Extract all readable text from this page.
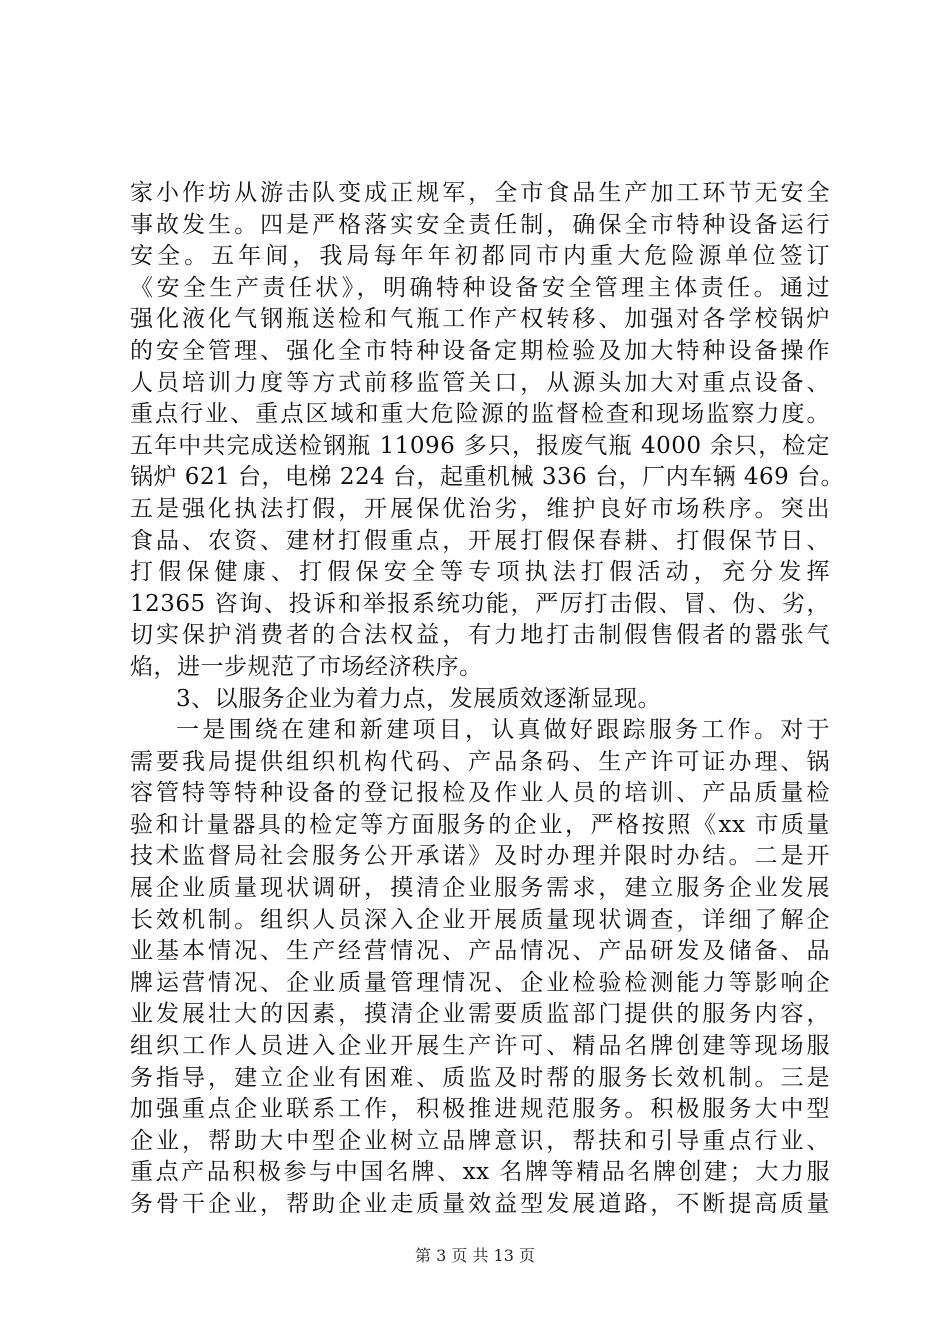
家小作坊从游击队变成正规军，全市食品生产加工环节无安全
事故发生。四是严格落实安全责任制，确保全市特种设备运行
安全。五年间，我局每年年初都同市内重大危险源单位签订
《安全生产责任状》，明确特种设备安全管理主体责任。通过
强化液化气钢瓶送检和气瓶工作产权转移、加强对各学校锅炉
的安全管理、强化全市特种设备定期检验及加大特种设备操作
人员培训力度等方式前移监管关口，从源头加大对重点设备、
重点行业、重点区域和重大危险源的监督检查和现场监察力度。
五年中共完成送检钢瓶 11096 多只，报废气瓶 4000 余只，检定
锅炉 621 台，电梯 224 台，起重机械 336 台，厂内车辆 469 台。
五是强化执法打假，开展保优治劣，维护良好市场秩序。突出
食品、农资、建材打假重点，开展打假保春耕、打假保节日、
打假保健康、打假保安全等专项执法打假活动，充分发挥
12365 咨询、投诉和举报系统功能，严厉打击假、冒、伪、劣，
切实保护消费者的合法权益，有力地打击制假售假者的嚣张气
焰，进一步规范了市场经济秩序。
3、以服务企业为着力点，发展质效逐渐显现。
一是围绕在建和新建项目，认真做好跟踪服务工作。对于
需要我局提供组织机构代码、产品条码、生产许可证办理、锅
容管特等特种设备的登记报检及作业人员的培训、产品质量检
验和计量器具的检定等方面服务的企业，严格按照《xx 市质量
技术监督局社会服务公开承诺》及时办理并限时办结。二是开
展企业质量现状调研，摸清企业服务需求，建立服务企业发展
长效机制。组织人员深入企业开展质量现状调查，详细了解企
业基本情况、生产经营情况、产品情况、产品研发及储备、品
牌运营情况、企业质量管理情况、企业检验检测能力等影响企
业发展壮大的因素，摸清企业需要质监部门提供的服务内容，
组织工作人员进入企业开展生产许可、精品名牌创建等现场服
务指导，建立企业有困难、质监及时帮的服务长效机制。三是
加强重点企业联系工作，积极推进规范服务。积极服务大中型
企业，帮助大中型企业树立品牌意识，帮扶和引导重点行业、
重点产品积极参与中国名牌、xx 名牌等精品名牌创建；大力服
务骨干企业，帮助企业走质量效益型发展道路，不断提高质量
第 3 页 共 13 页
